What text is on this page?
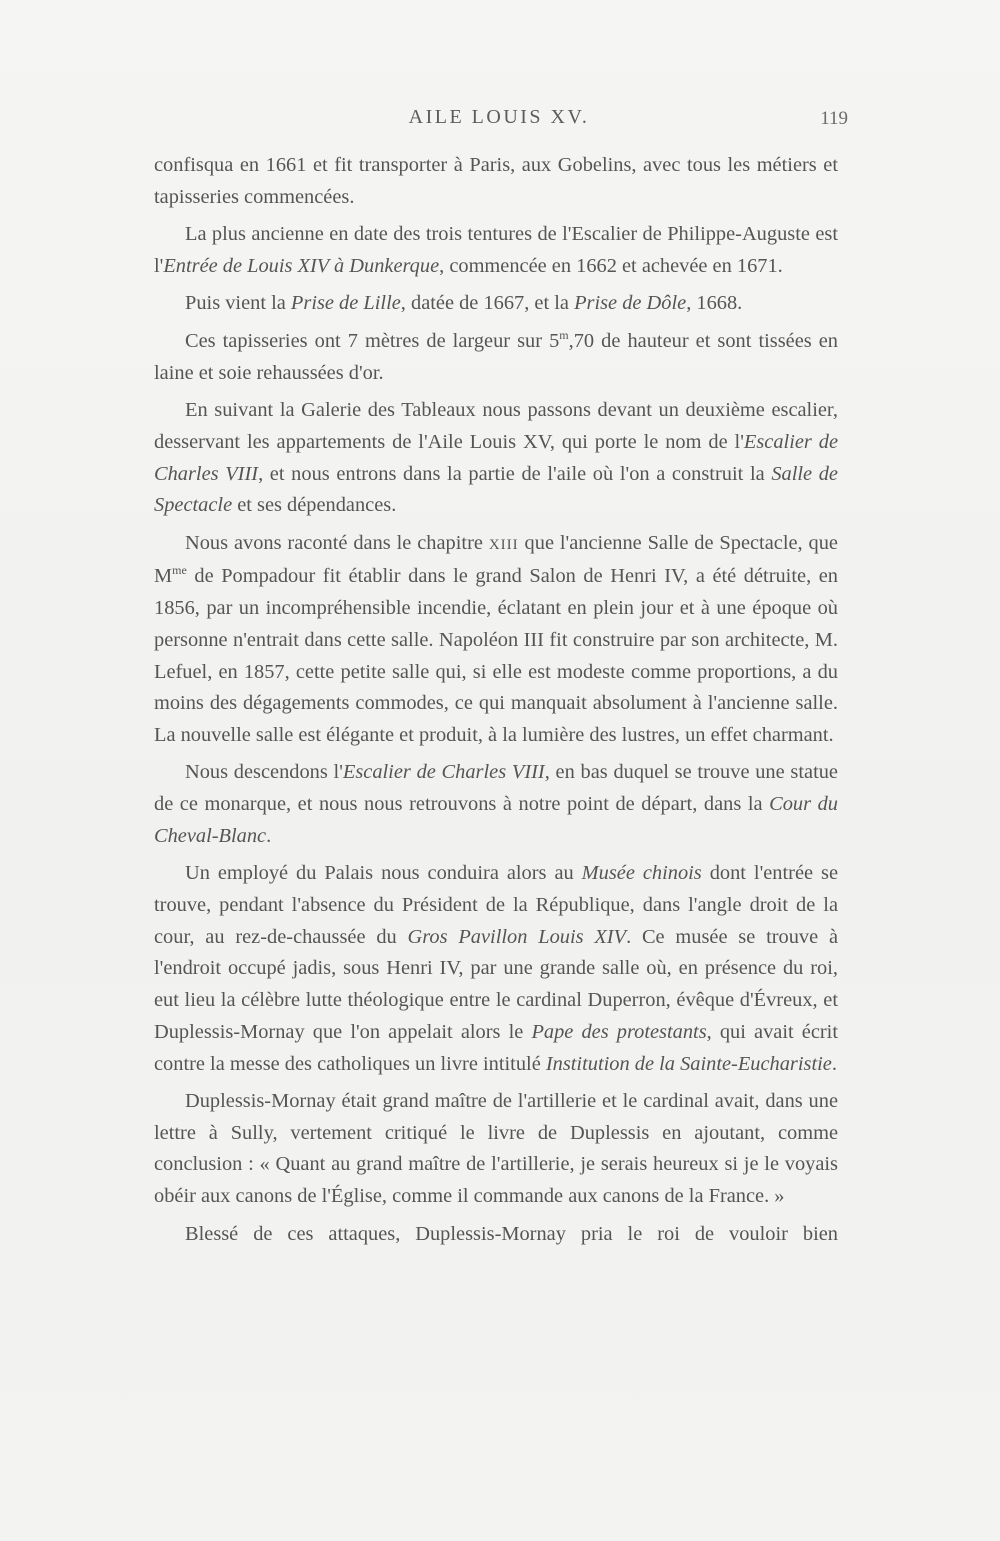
AILE LOUIS XV.	119

confisqua en 1661 et fit transporter à Paris, aux Gobelins, avec tous les métiers et tapisseries commencées.

La plus ancienne en date des trois tentures de l'Escalier de Philippe-Auguste est l'Entrée de Louis XIV à Dunkerque, commencée en 1662 et achevée en 1671.

Puis vient la Prise de Lille, datée de 1667, et la Prise de Dôle, 1668.

Ces tapisseries ont 7 mètres de largeur sur 5$^m$,70 de hauteur et sont tissées en laine et soie rehaussées d'or.

En suivant la Galerie des Tableaux nous passons devant un deuxième escalier, desservant les appartements de l'Aile Louis XV, qui porte le nom de l'Escalier de Charles VIII, et nous entrons dans la partie de l'aile où l'on a construit la Salle de Spectacle et ses dépendances.

Nous avons raconté dans le chapitre XIII que l'ancienne Salle de Spectacle, que $M^{me}$ de Pompadour fit établir dans le grand Salon de Henri IV, a été détruite, en 1856, par un incompréhensible incendie, éclatant en plein jour et à une époque où personne n'entrait dans cette salle. Napoléon III fit construire par son architecte, M. Lefuel, en 1857, cette petite salle qui, si elle est modeste comme proportions, a du moins des dégagements commodes, ce qui manquait absolument à l'ancienne salle. La nouvelle salle est élégante et produit, à la lumière des lustres, un effet charmant.

Nous descendons l'Escalier de Charles VIII, en bas duquel se trouve une statue de ce monarque, et nous nous retrouvons à notre point de départ, dans la Cour du Cheval-Blanc.

Un employé du Palais nous conduira alors au Musée chinois dont l'entrée se trouve, pendant l'absence du Président de la République, dans l'angle droit de la cour, au rez-de-chaussée du Gros Pavillon Louis XIV. Ce musée se trouve à l'endroit occupé jadis, sous Henri IV, par une grande salle où, en présence du roi, eut lieu la célèbre lutte théologique entre le cardinal Duperron, évêque d'Évreux, et Duplessis-Mornay que l'on appelait alors le Pape des protestants, qui avait écrit contre la messe des catholiques un livre intitulé Institution de la Sainte-Eucharistie.

Duplessis-Mornay était grand maître de l'artillerie et le cardinal avait, dans une lettre à Sully, vertement critiqué le livre de Duplessis en ajoutant, comme conclusion : « Quant au grand maître de l'artillerie, je serais heureux si je le voyais obéir aux canons de l'Église, comme il commande aux canons de la France. »

Blessé de ces attaques, Duplessis-Mornay pria le roi de vouloir bien
